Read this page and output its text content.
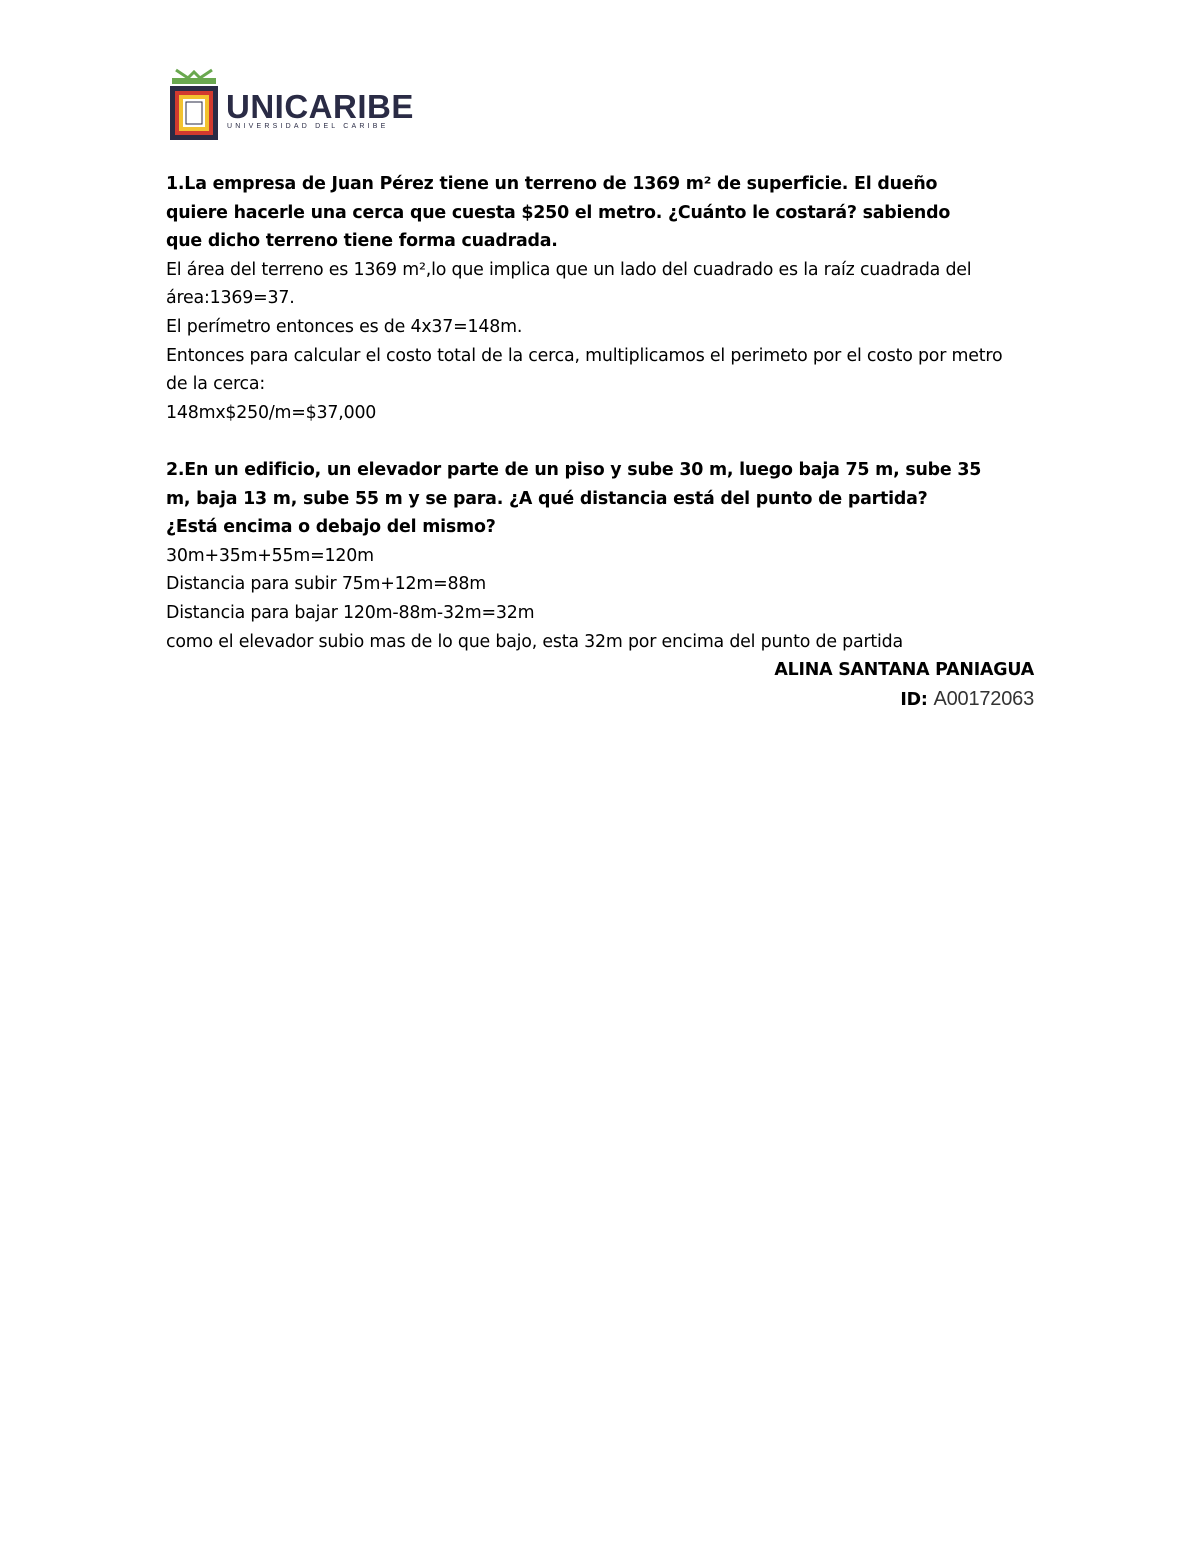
UNICARIBE
UNIVERSIDAD DEL CARIBE
1.La empresa de Juan Pérez tiene un terreno de 1369 m² de superficie. El dueño
quiere hacerle una cerca que cuesta $250 el metro. ¿Cuánto le costará? sabiendo
que dicho terreno tiene forma cuadrada.
El área del terreno es 1369 m²,lo que implica que un lado del cuadrado es la raíz cuadrada del
área:1369=37.
El perímetro entonces es de 4x37=148m.
Entonces para calcular el costo total de la cerca, multiplicamos el perimeto por el costo por metro
de la cerca:
148mx$250/m=$37,000
2.En un edificio, un elevador parte de un piso y sube 30 m, luego baja 75 m, sube 35
m, baja 13 m, sube 55 m y se para. ¿A qué distancia está del punto de partida?
¿Está encima o debajo del mismo?
30m+35m+55m=120m
Distancia para subir 75m+12m=88m
Distancia para bajar 120m-88m-32m=32m
como el elevador subio mas de lo que bajo, esta 32m por encima del punto de partida
ALINA SANTANA PANIAGUA
ID: A00172063
